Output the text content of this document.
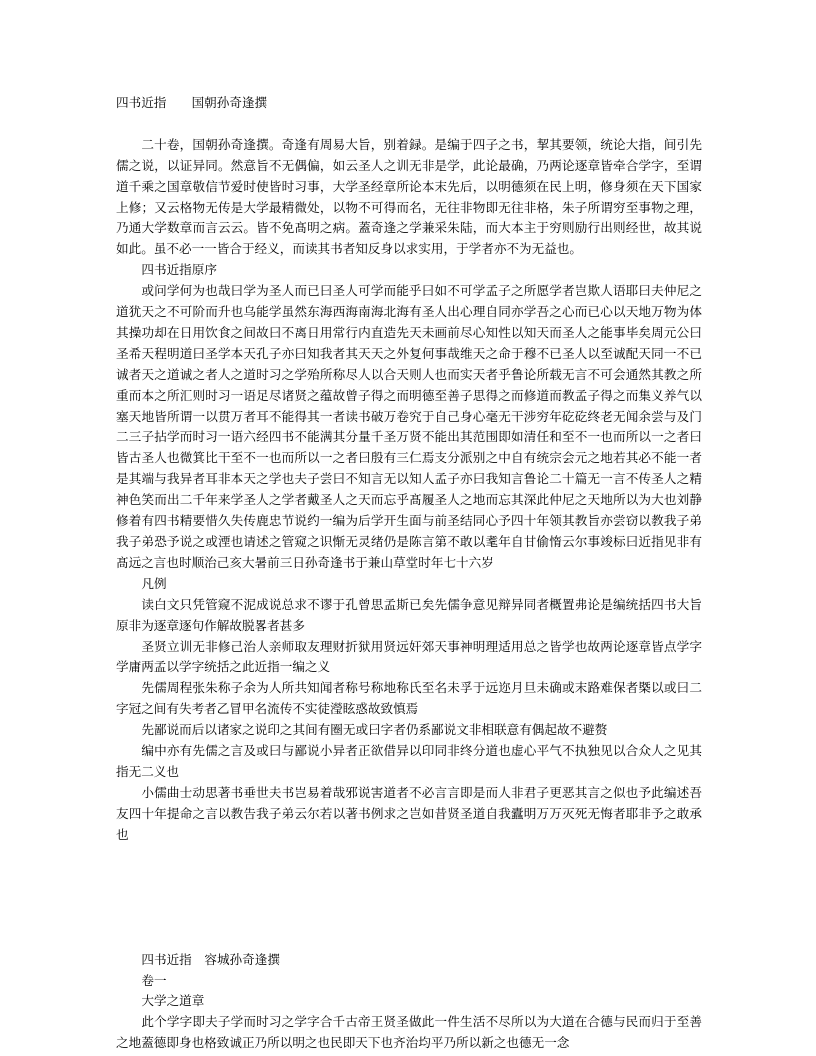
四书近指　　国朝孙奇逢撰

二十卷，国朝孙奇逢撰。奇逢有周易大旨，别着録。是编于四子之书，挈其要领，统论大指，间引先儒之说，以证异同。然意旨不无偶偏，如云圣人之训无非是学，此论最确，乃两论逐章皆牵合学字，至谓道千乘之国章敬信节爱时使皆时习事，大学圣经章所论本末先后，以明德须在民上明，修身须在天下国家上修；又云格物无传是大学最精微处，以物不可得而名，无往非物即无往非格，朱子所谓穷至事物之理，乃通大学数章而言云云。皆不免髙明之病。蓋奇逢之学兼采朱陆，而大本主于穷则励行出则经世，故其说如此。虽不必一一皆合于经义，而读其书者知反身以求实用，于学者亦不为无益也。

四书近指原序

或问学何为也哉曰学为圣人而已曰圣人可学而能乎曰如不可学孟子之所愿学者岂欺人语耶曰夫仲尼之道犹天之不可阶而升也乌能学虽然东海西海南海北海有圣人出心理自同亦学吾之心而已心以天地万物为体其操功却在日用饮食之间故曰不离日用常行内直造先天未画前尽心知性以知天而圣人之能事毕矣周元公曰圣希天程明道曰圣学本天孔子亦曰知我者其天天之外复何事哉维天之命于穆不已圣人以至诚配天同一不已诚者天之道诚之者人之道时习之学殆所称尽人以合天则人也而实天者乎鲁论所载无言不可会通然其教之所重而本之所汇则时习一语足尽诸贤之蕴故曾子得之而明德至善子思得之而修道而教孟子得之而集义养气以塞天地皆所谓一以贯万者耳不能得其一者读书破万卷究于自己身心毫无干涉穷年矻矻终老无闻余尝与及门二三子拈学而时习一语六经四书不能满其分量千圣万贤不能出其范围即如清任和至不一也而所以一之者曰皆古圣人也微箕比干至不一也而所以一之者曰殷有三仁焉支分派别之中自有统宗会元之地若其必不能一者是其端与我异者耳非本天之学也夫子尝曰不知言无以知人孟子亦曰我知言鲁论二十篇无一言不传圣人之精神色笑而出二千年来学圣人之学者戴圣人之天而忘乎髙履圣人之地而忘其深此仲尼之天地所以为大也刘静修着有四书精要惜久失传鹿忠节说约一编为后学开生面与前圣结同心予四十年领其教旨亦尝窃以教我子弟我子弟恐予说之或湮也请述之管窥之识惭无灵绪仍是陈言第不敢以耄年自甘偷惰云尔事竣标曰近指见非有髙远之言也时顺治己亥大暑前三日孙奇逢书于兼山草堂时年七十六岁

凡例

读白文只凭管窥不泥成说总求不谬于孔曾思孟斯已矣先儒争意见辩异同者概置弗论是编统括四书大旨原非为逐章逐句作解故脱畧者甚多

圣贤立训无非修己治人亲师取友理财折狱用贤远奸郊天事神明理适用总之皆学也故两论逐章皆点学字学庸两孟以学字统括之此近指一编之义

先儒周程张朱称子余为人所共知闻者称号称地称氏至名未孚于远迩月旦未确或末路难保者槩以或曰二字冠之间有失考者乙冒甲名流传不实徒瀅眩惑故致慎焉

先鄙说而后以诸家之说印之其间有圈无或曰字者仍系鄙说文非相联意有偶起故不避赘

编中亦有先儒之言及或曰与鄙说小异者正欲借异以印同非终分道也虚心平气不执独见以合众人之见其指无二义也

小儒曲士动思著书垂世夫书岂易着哉邪说害道者不必言言即是而人非君子更恶其言之似也予此编述吾友四十年提命之言以教告我子弟云尔若以著书例求之岂如昔贤圣道自我蠹明万万灭死无悔者耶非予之敢承也

四书近指　容城孙奇逢撰
卷一
大学之道章

此个学字即夫子学而时习之学字合千古帝王贤圣做此一件生活不尽所以为大道在合德与民而归于至善之地蓋德即身也格致诚正乃所以明之也民即天下也齐治均平乃所以新之也德无一念
